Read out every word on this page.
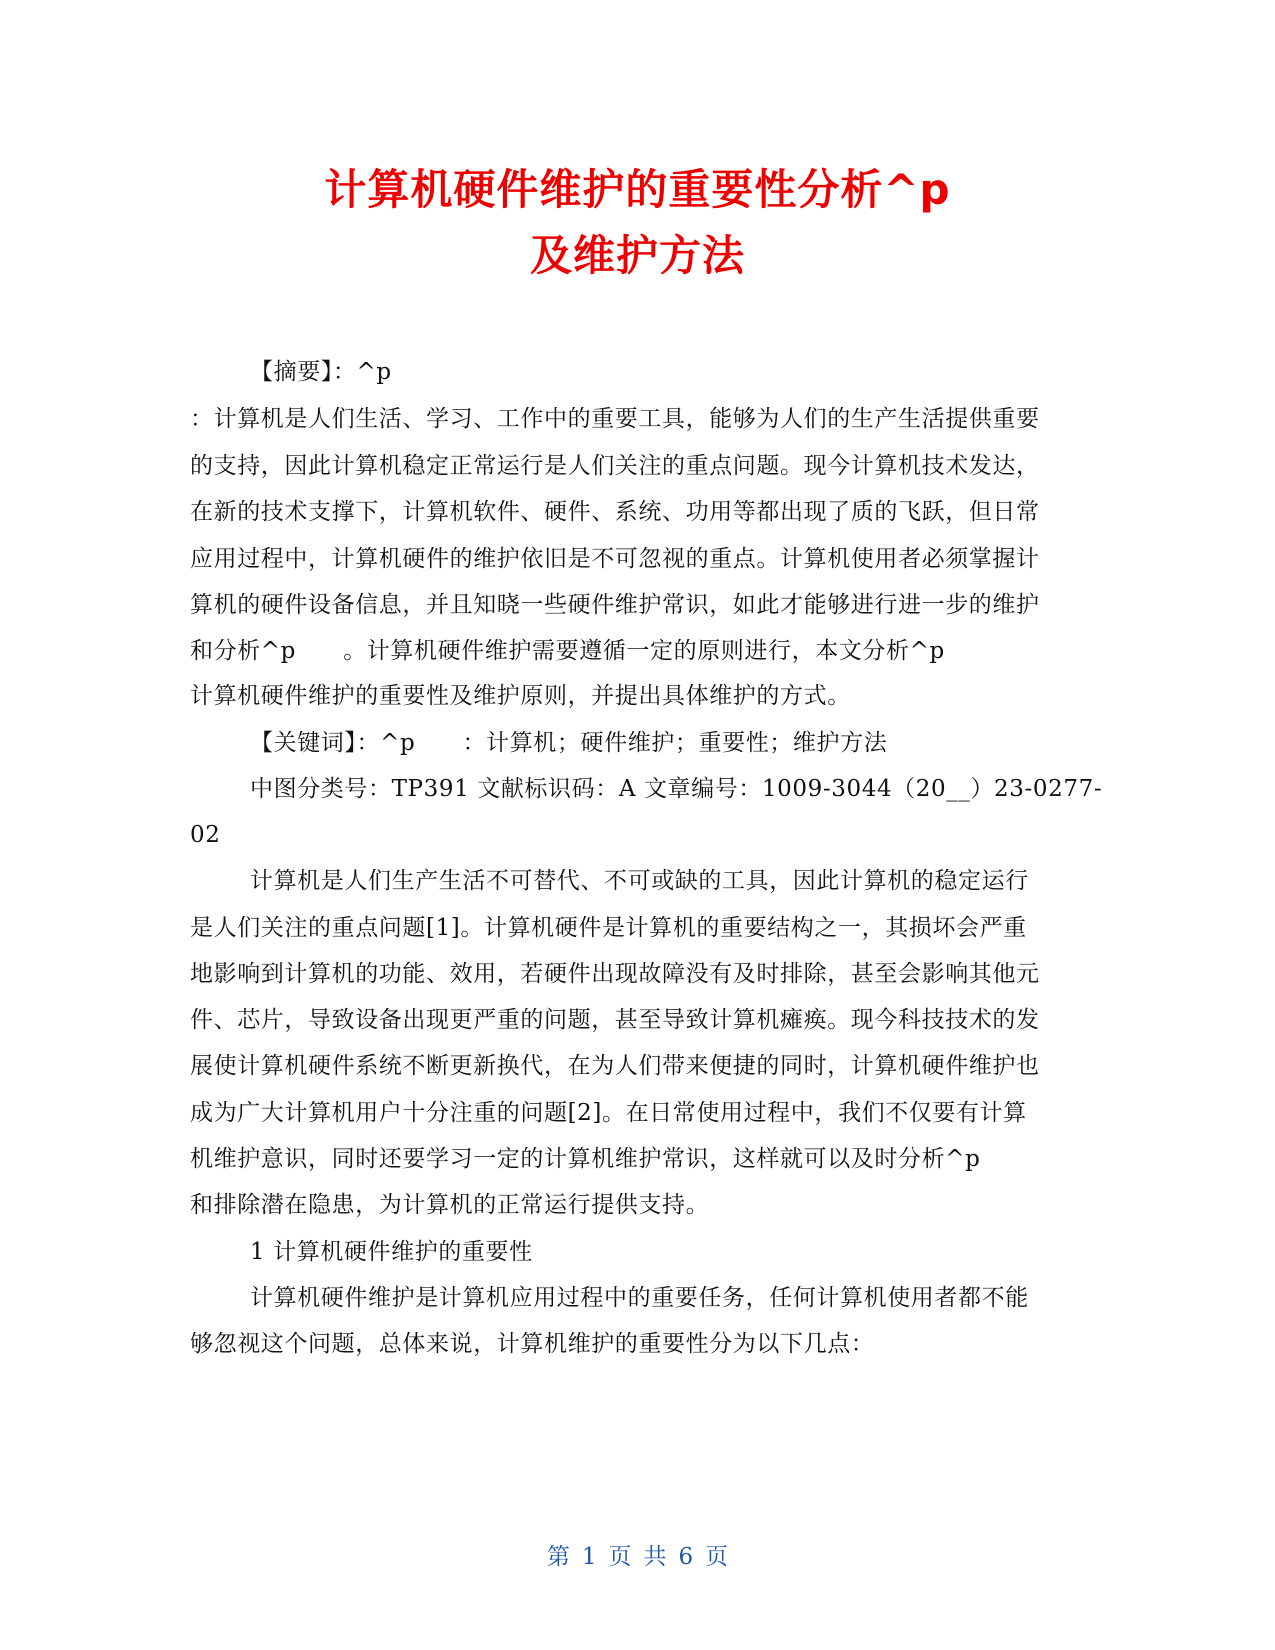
计算机硬件维护的重要性分析^p
及维护方法
【摘要】：^p
：计算机是人们生活、学习、工作中的重要工具，能够为人们的生产生活提供重要
的支持，因此计算机稳定正常运行是人们关注的重点问题。现今计算机技术发达，
在新的技术支撑下，计算机软件、硬件、系统、功用等都出现了质的飞跃，但日常
应用过程中，计算机硬件的维护依旧是不可忽视的重点。计算机使用者必须掌握计
算机的硬件设备信息，并且知晓一些硬件维护常识，如此才能够进行进一步的维护
和分析^p　　。计算机硬件维护需要遵循一定的原则进行，本文分析^p
计算机硬件维护的重要性及维护原则，并提出具体维护的方式。
【关键词】：^p　　：计算机；硬件维护；重要性；维护方法
中图分类号：TP391 文献标识码：A 文章编号：1009-3044（20__）23-0277-
02
计算机是人们生产生活不可替代、不可或缺的工具，因此计算机的稳定运行
是人们关注的重点问题[1]。计算机硬件是计算机的重要结构之一，其损坏会严重
地影响到计算机的功能、效用，若硬件出现故障没有及时排除，甚至会影响其他元
件、芯片，导致设备出现更严重的问题，甚至导致计算机瘫痪。现今科技技术的发
展使计算机硬件系统不断更新换代，在为人们带来便捷的同时，计算机硬件维护也
成为广大计算机用户十分注重的问题[2]。在日常使用过程中，我们不仅要有计算
机维护意识，同时还要学习一定的计算机维护常识，这样就可以及时分析^p
和排除潜在隐患，为计算机的正常运行提供支持。
1 计算机硬件维护的重要性
计算机硬件维护是计算机应用过程中的重要任务，任何计算机使用者都不能
够忽视这个问题，总体来说，计算机维护的重要性分为以下几点：
第 1 页 共 6 页
